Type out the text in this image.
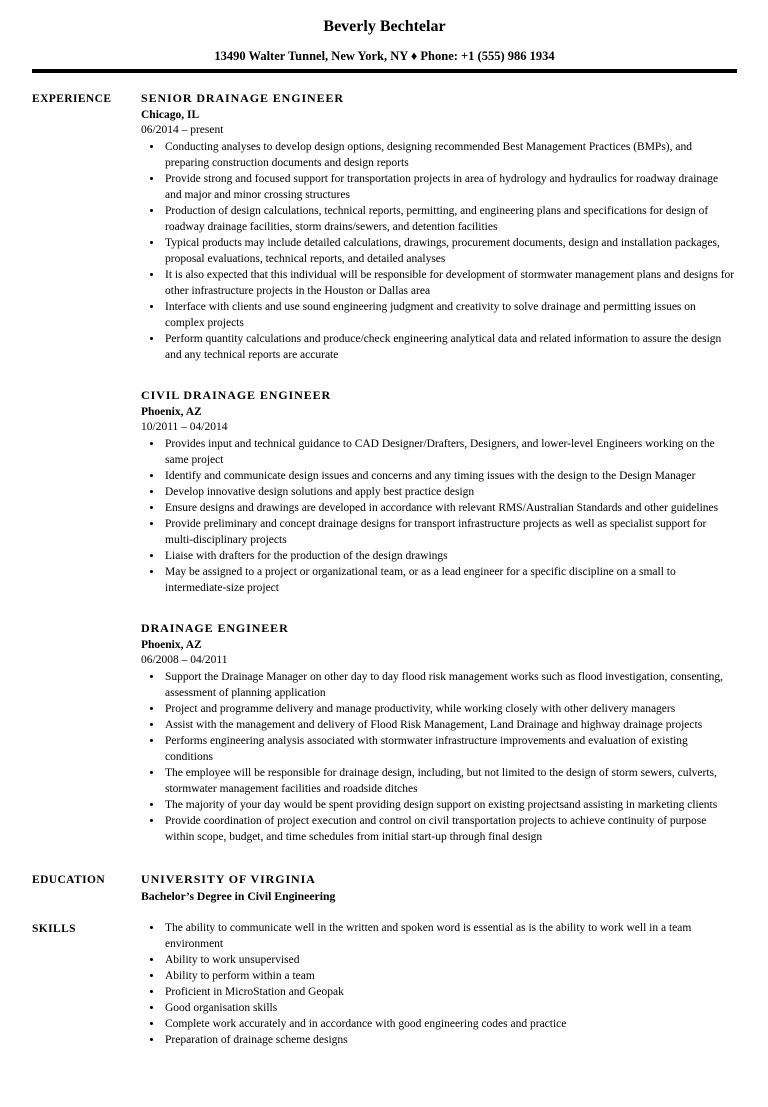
Beverly Bechtelar
13490 Walter Tunnel, New York, NY ♦ Phone: +1 (555) 986 1934
EXPERIENCE	SENIOR DRAINAGE ENGINEER
Chicago, IL
06/2014 – present
• Conducting analyses to develop design options, designing recommended Best Management Practices (BMPs), and preparing construction documents and design reports
• Provide strong and focused support for transportation projects in area of hydrology and hydraulics for roadway drainage and major and minor crossing structures
• Production of design calculations, technical reports, permitting, and engineering plans and specifications for design of roadway drainage facilities, storm drains/sewers, and detention facilities
• Typical products may include detailed calculations, drawings, procurement documents, design and installation packages, proposal evaluations, technical reports, and detailed analyses
• It is also expected that this individual will be responsible for development of stormwater management plans and designs for other infrastructure projects in the Houston or Dallas area
• Interface with clients and use sound engineering judgment and creativity to solve drainage and permitting issues on complex projects
• Perform quantity calculations and produce/check engineering analytical data and related information to assure the design and any technical reports are accurate
CIVIL DRAINAGE ENGINEER
Phoenix, AZ
10/2011 – 04/2014
• Provides input and technical guidance to CAD Designer/Drafters, Designers, and lower-level Engineers working on the same project
• Identify and communicate design issues and concerns and any timing issues with the design to the Design Manager
• Develop innovative design solutions and apply best practice design
• Ensure designs and drawings are developed in accordance with relevant RMS/Australian Standards and other guidelines
• Provide preliminary and concept drainage designs for transport infrastructure projects as well as specialist support for multi-disciplinary projects
• Liaise with drafters for the production of the design drawings
• May be assigned to a project or organizational team, or as a lead engineer for a specific discipline on a small to intermediate-size project
DRAINAGE ENGINEER
Phoenix, AZ
06/2008 – 04/2011
• Support the Drainage Manager on other day to day flood risk management works such as flood investigation, consenting, assessment of planning application
• Project and programme delivery and manage productivity, while working closely with other delivery managers
• Assist with the management and delivery of Flood Risk Management, Land Drainage and highway drainage projects
• Performs engineering analysis associated with stormwater infrastructure improvements and evaluation of existing conditions
• The employee will be responsible for drainage design, including, but not limited to the design of storm sewers, culverts, stormwater management facilities and roadside ditches
• The majority of your day would be spent providing design support on existing projectsand assisting in marketing clients
• Provide coordination of project execution and control on civil transportation projects to achieve continuity of purpose within scope, budget, and time schedules from initial start-up through final design
EDUCATION	UNIVERSITY OF VIRGINIA
Bachelor’s Degree in Civil Engineering
SKILLS	• The ability to communicate well in the written and spoken word is essential as is the ability to work well in a team environment
• Ability to work unsupervised
• Ability to perform within a team
• Proficient in MicroStation and Geopak
• Good organisation skills
• Complete work accurately and in accordance with good engineering codes and practice
• Preparation of drainage scheme designs
